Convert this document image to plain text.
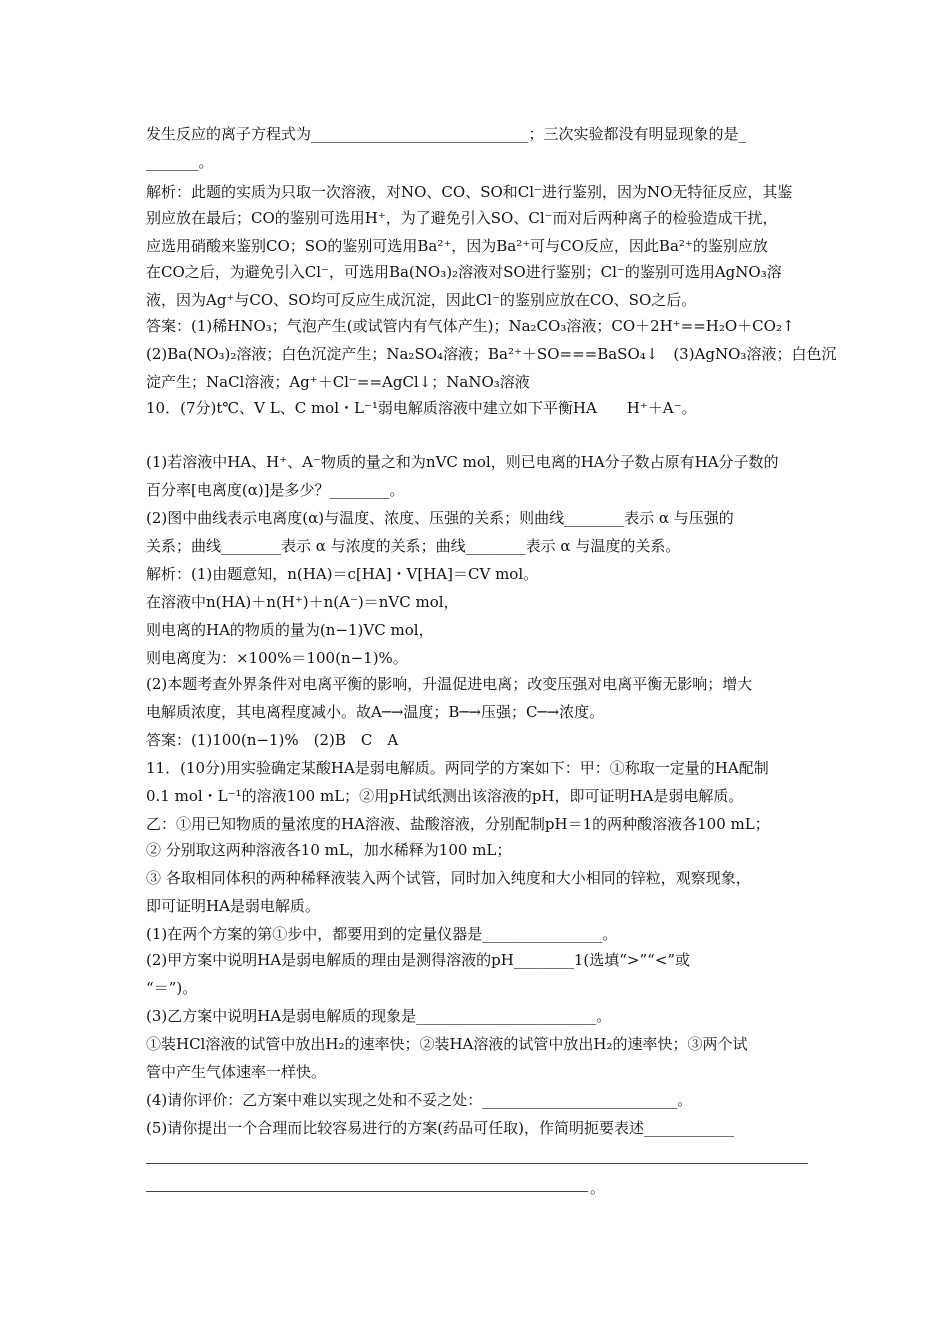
发生反应的离子方程式为_____________________________；三次实验都没有明显现象的是_
_______。
解析：此题的实质为只取一次溶液，对NO、CO、SO和Cl⁻进行鉴别，因为NO无特征反应，其鉴
别应放在最后；CO的鉴别可选用H⁺，为了避免引入SO、Cl⁻而对后两种离子的检验造成干扰，
应选用硝酸来鉴别CO；SO的鉴别可选用Ba²⁺，因为Ba²⁺可与CO反应，因此Ba²⁺的鉴别应放
在CO之后，为避免引入Cl⁻，可选用Ba(NO₃)₂溶液对SO进行鉴别；Cl⁻的鉴别可选用AgNO₃溶
液，因为Ag⁺与CO、SO均可反应生成沉淀，因此Cl⁻的鉴别应放在CO、SO之后。
答案：(1)稀HNO₃；气泡产生(或试管内有气体产生)；Na₂CO₃溶液；CO＋2H⁺==H₂O＋CO₂↑
(2)Ba(NO₃)₂溶液；白色沉淀产生；Na₂SO₄溶液；Ba²⁺＋SO===BaSO₄↓　(3)AgNO₃溶液；白色沉
淀产生；NaCl溶液；Ag⁺＋Cl⁻==AgCl↓；NaNO₃溶液
10．(7分)t℃、V L、C mol・L⁻¹弱电解质溶液中建立如下平衡HA　　H⁺＋A⁻。
(1)若溶液中HA、H⁺、A⁻物质的量之和为nVC mol，则已电离的HA分子数占原有HA分子数的
百分率[电离度(α)]是多少？________。
(2)图中曲线表示电离度(α)与温度、浓度、压强的关系；则曲线________表示 α 与压强的
关系；曲线________表示 α 与浓度的关系；曲线________表示 α 与温度的关系。
解析：(1)由题意知，n(HA)＝c[HA]・V[HA]＝CV mol。
在溶液中n(HA)＋n(H⁺)＋n(A⁻)＝nVC mol，
则电离的HA的物质的量为(n−1)VC mol，
则电离度为：×100%＝100(n−1)%。
(2)本题考查外界条件对电离平衡的影响，升温促进电离；改变压强对电离平衡无影响；增大
电解质浓度，其电离程度减小。故A─→温度；B─→压强；C─→浓度。
答案：(1)100(n−1)%　(2)B　C　A
11．(10分)用实验确定某酸HA是弱电解质。两同学的方案如下：甲：①称取一定量的HA配制
0.1 mol・L⁻¹的溶液100 mL；②用pH试纸测出该溶液的pH，即可证明HA是弱电解质。
乙：①用已知物质的量浓度的HA溶液、盐酸溶液，分别配制pH＝1的两种酸溶液各100 mL；
② 分别取这两种溶液各10 mL，加水稀释为100 mL；
③ 各取相同体积的两种稀释液装入两个试管，同时加入纯度和大小相同的锌粒，观察现象，
即可证明HA是弱电解质。
(1)在两个方案的第①步中，都要用到的定量仪器是________________。
(2)甲方案中说明HA是弱电解质的理由是测得溶液的pH________1(选填“>”“<”或
“＝”)。
(3)乙方案中说明HA是弱电解质的现象是________________________。
①装HCl溶液的试管中放出H₂的速率快；②装HA溶液的试管中放出H₂的速率快；③两个试
管中产生气体速率一样快。
(4)请你评价：乙方案中难以实现之处和不妥之处：__________________________。
(5)请你提出一个合理而比较容易进行的方案(药品可任取)，作简明扼要表述____________
。
